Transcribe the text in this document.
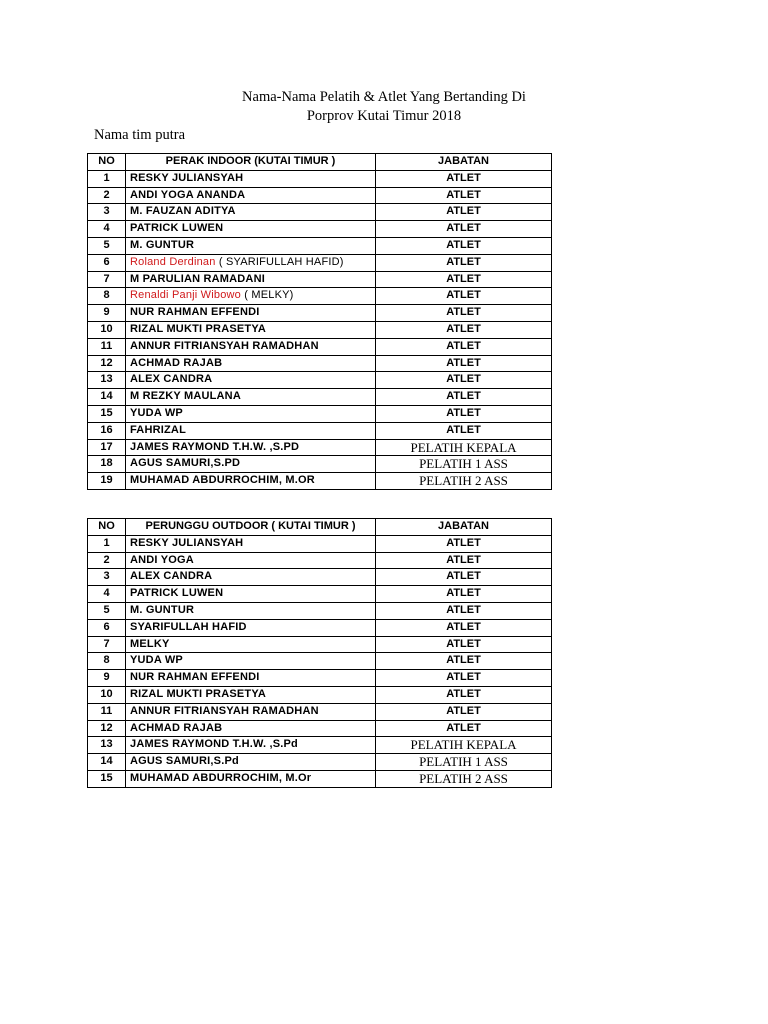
Nama-Nama Pelatih & Atlet Yang Bertanding Di
Porprov Kutai Timur 2018
Nama tim putra
NO	PERAK INDOOR (KUTAI TIMUR )	JABATAN
1	RESKY JULIANSYAH	ATLET
2	ANDI YOGA ANANDA	ATLET
3	M. FAUZAN ADITYA	ATLET
4	PATRICK LUWEN	ATLET
5	M. GUNTUR	ATLET
6	Roland Derdinan ( SYARIFULLAH HAFID)	ATLET
7	M PARULIAN RAMADANI	ATLET
8	Renaldi Panji Wibowo ( MELKY)	ATLET
9	NUR RAHMAN EFFENDI	ATLET
10	RIZAL MUKTI PRASETYA	ATLET
11	ANNUR FITRIANSYAH RAMADHAN	ATLET
12	ACHMAD RAJAB	ATLET
13	ALEX CANDRA	ATLET
14	M REZKY MAULANA	ATLET
15	YUDA WP	ATLET
16	FAHRIZAL	ATLET
17	JAMES RAYMOND T.H.W. ,S.PD	PELATIH KEPALA
18	AGUS SAMURI,S.PD	PELATIH 1 ASS
19	MUHAMAD ABDURROCHIM, M.OR	PELATIH 2 ASS
NO	PERUNGGU OUTDOOR ( KUTAI TIMUR )	JABATAN
1	RESKY JULIANSYAH	ATLET
2	ANDI YOGA	ATLET
3	ALEX CANDRA	ATLET
4	PATRICK LUWEN	ATLET
5	M. GUNTUR	ATLET
6	SYARIFULLAH HAFID	ATLET
7	MELKY	ATLET
8	YUDA WP	ATLET
9	NUR RAHMAN EFFENDI	ATLET
10	RIZAL MUKTI PRASETYA	ATLET
11	ANNUR FITRIANSYAH RAMADHAN	ATLET
12	ACHMAD RAJAB	ATLET
13	JAMES RAYMOND T.H.W. ,S.Pd	PELATIH KEPALA
14	AGUS SAMURI,S.Pd	PELATIH 1 ASS
15	MUHAMAD ABDURROCHIM, M.Or	PELATIH 2 ASS
